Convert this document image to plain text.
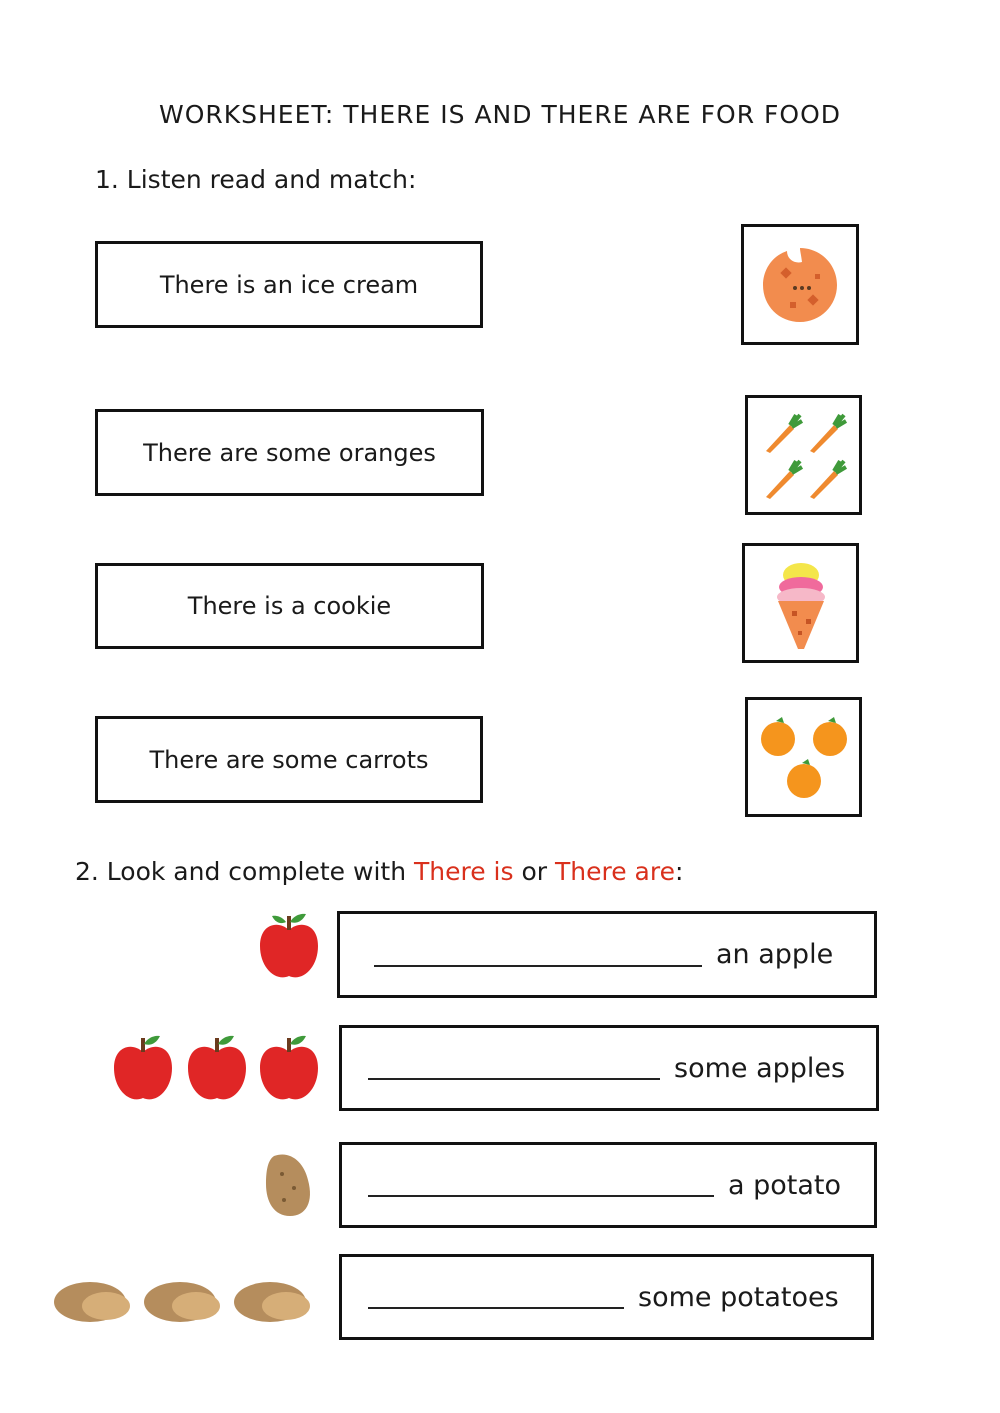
WORKSHEET: THERE IS AND THERE ARE FOR FOOD
1. Listen read and match:
There is an ice cream
There are some oranges
There is a cookie
There are some carrots
2. Look and complete with There is or There are:
an apple
some apples
a potato
some potatoes
